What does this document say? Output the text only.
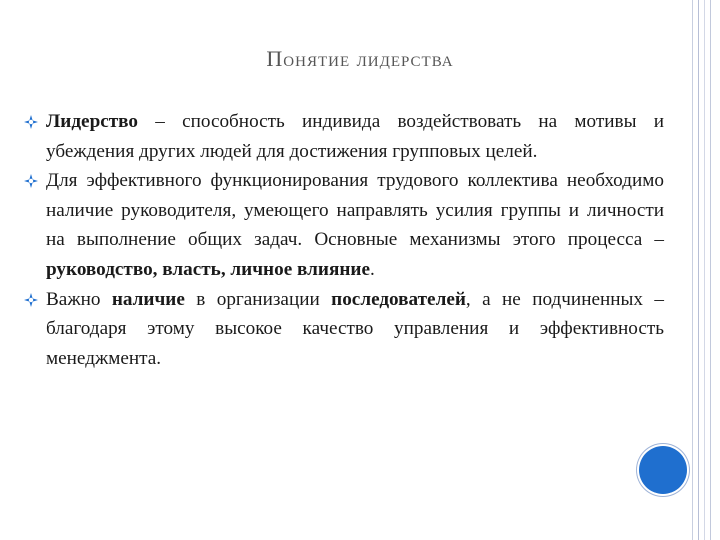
Понятие лидерства
Лидерство – способность индивида воздействовать на мотивы и убеждения других людей для достижения групповых целей.
Для эффективного функционирования трудового коллектива необходимо наличие руководителя, умеющего направлять усилия группы и личности на выполнение общих задач. Основные механизмы этого процесса – руководство, власть, личное влияние.
Важно наличие в организации последователей, а не подчиненных – благодаря этому высокое качество управления и эффективность менеджмента.
